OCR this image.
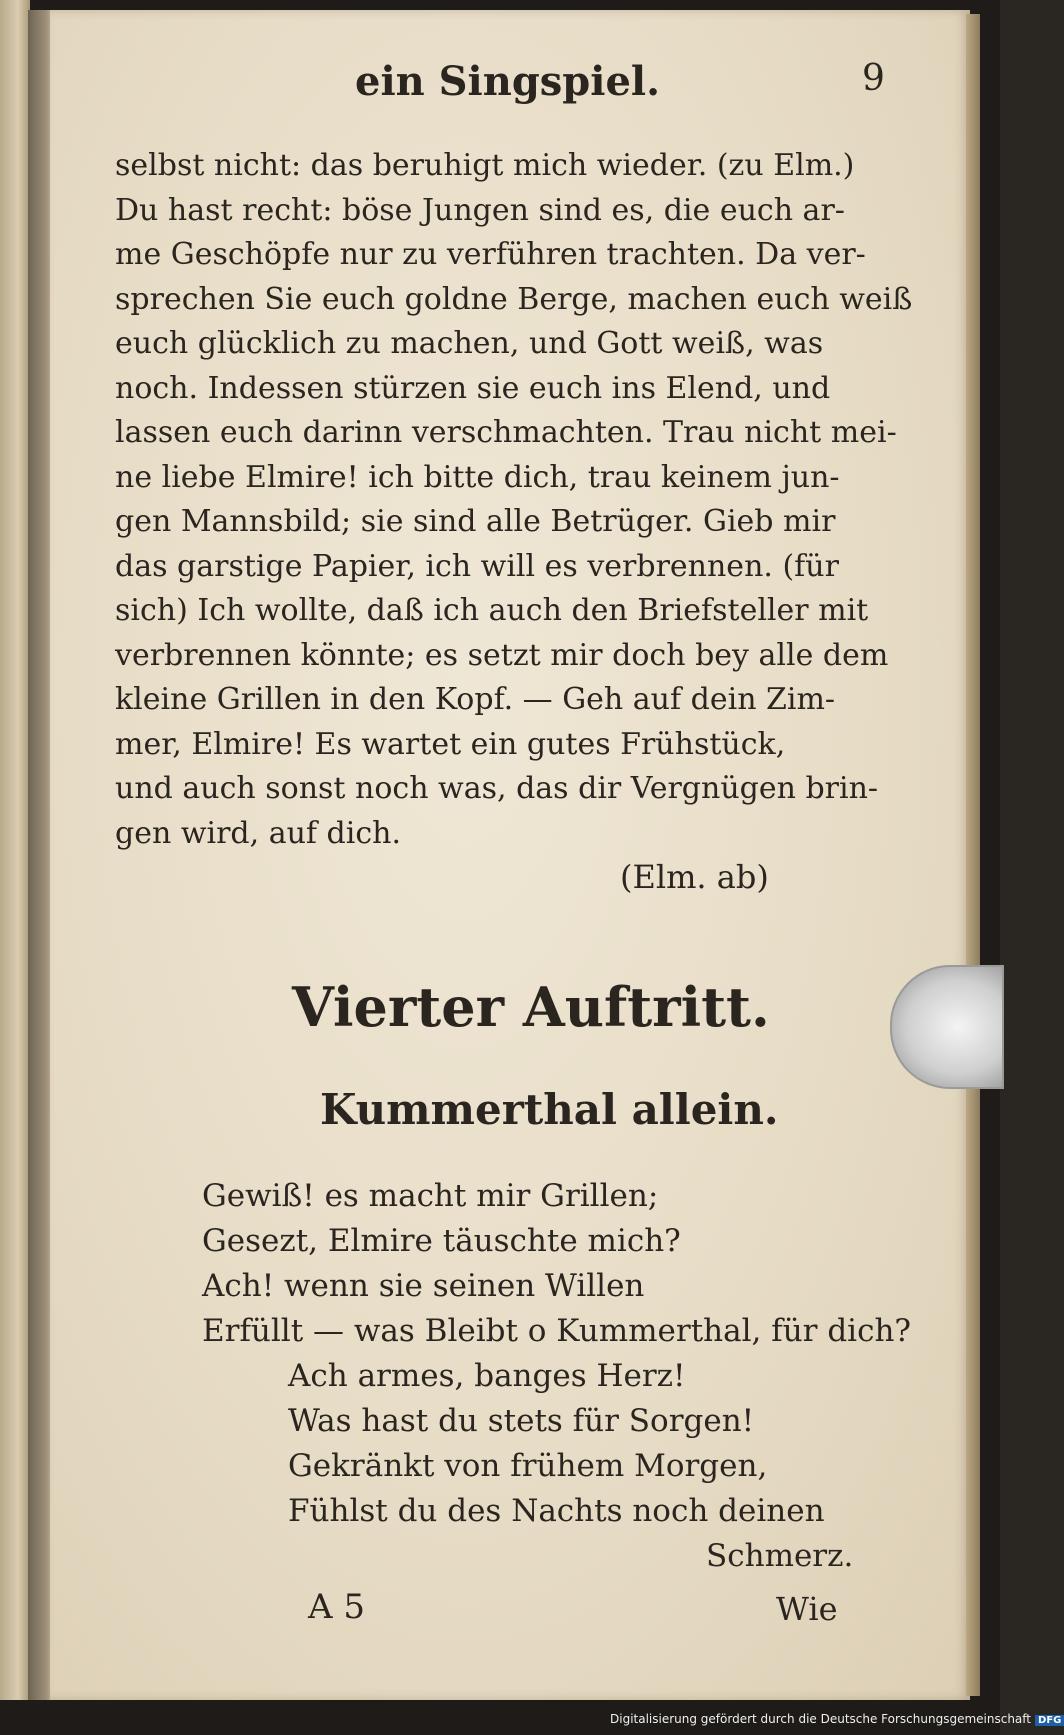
ein Singspiel.	9
selbst nicht: das beruhigt mich wieder. (zu Elm.)
Du hast recht: böse Jungen sind es, die euch ar-
me Geschöpfe nur zu verführen trachten. Da ver-
sprechen Sie euch goldne Berge, machen euch weiß
euch glücklich zu machen, und Gott weiß, was
noch. Indessen stürzen sie euch ins Elend, und
lassen euch darinn verschmachten. Trau nicht mei-
ne liebe Elmire! ich bitte dich, trau keinem jun-
gen Mannsbild; sie sind alle Betrüger. Gieb mir
das garstige Papier, ich will es verbrennen. (für
sich) Ich wollte, daß ich auch den Briefsteller mit
verbrennen könnte; es setzt mir doch bey alle dem
kleine Grillen in den Kopf. — Geh auf dein Zim-
mer, Elmire! Es wartet ein gutes Frühstück,
und auch sonst noch was, das dir Vergnügen brin-
gen wird, auf dich.
(Elm. ab)
Vierter Auftritt.
Kummerthal allein.
Gewiß! es macht mir Grillen;
Gesezt, Elmire täuschte mich?
Ach! wenn sie seinen Willen
Erfüllt — was Bleibt o Kummerthal, für dich?
Ach armes, banges Herz!
Was hast du stets für Sorgen!
Gekränkt von frühem Morgen,
Fühlst du des Nachts noch deinen
Schmerz.
A 5	Wie
Digitalisierung gefördert durch die Deutsche Forschungsgemeinschaft DFG
